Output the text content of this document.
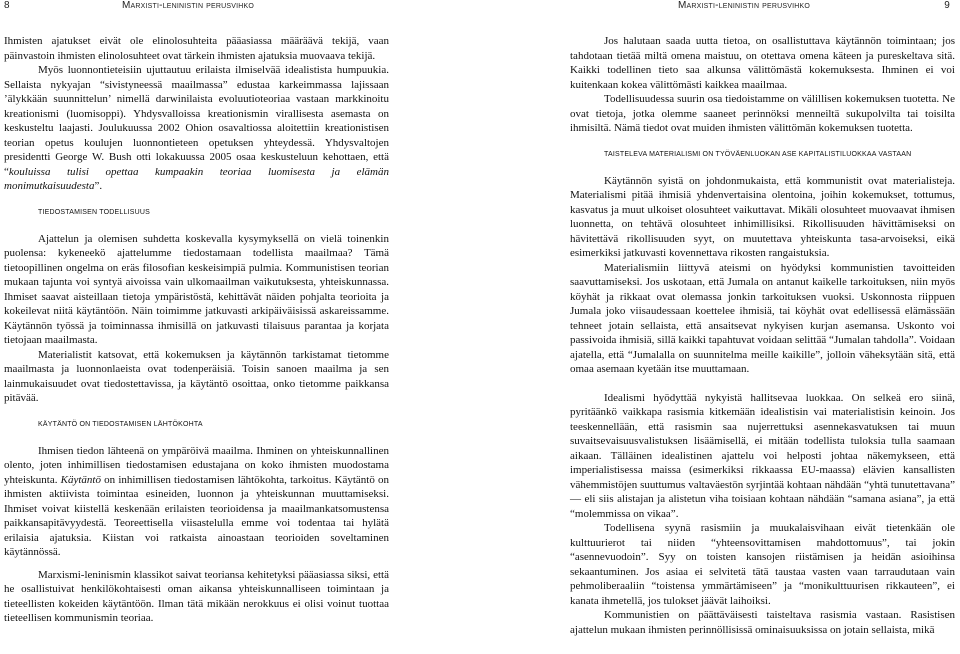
8	Marxisti-leninistin perusvihko	Marxisti-leninistin perusvihko	9

Ihmisten ajatukset eivät ole elinolosuhteita pääasiassa määräävä tekijä, vaan päinvastoin ihmisten elinolosuhteet ovat tärkein ihmisten ajatuksia muovaava tekijä.

Myös luonnontieteisiin ujuttautuu erilaista ilmiselvää idealistista humpuukia. Sellaista nykyajan “sivistyneessä maailmassa” edustaa karkeimmassa lajissaan ’älykkään suunnittelun’ nimellä darwinilaista evoluutioteoriaa vastaan markkinoitu kreationismi (luomisoppi). Yhdysvalloissa kreationismin virallisesta asemasta on keskusteltu laajasti. Joulukuussa 2002 Ohion osavaltiossa aloitettiin kreationistisen teorian opetus koulujen luonnontieteen opetuksen yhteydessä. Yhdysvaltojen presidentti George W. Bush otti lokakuussa 2005 osaa keskusteluun kehottaen, että “kouluissa tulisi opettaa kumpaakin teoriaa luomisesta ja elämän monimutkaisuudesta”.

TIEDOSTAMISEN TODELLISUUS

Ajattelun ja olemisen suhdetta koskevalla kysymyksellä on vielä toinenkin puolensa: kykeneekö ajattelumme tiedostamaan todellista maailmaa? Tämä tietoopillinen ongelma on eräs filosofian keskeisimpiä pulmia. Kommunistisen teorian mukaan tajunta voi syntyä aivoissa vain ulkomaailman vaikutuksesta, yhteiskunnassa. Ihmiset saavat aisteillaan tietoja ympäristöstä, kehittävät näiden pohjalta teorioita ja kokeilevat niitä käytäntöön. Näin toimimme jatkuvasti arkipäiväisissä askareissamme. Käytännön työssä ja toiminnassa ihmisillä on jatkuvasti tilaisuus parantaa ja korjata tietojaan maailmasta.

Materialistit katsovat, että kokemuksen ja käytännön tarkistamat tietomme maailmasta ja luonnonlaeista ovat todenperäisiä. Toisin sanoen maailma ja sen lainmukaisuudet ovat tiedostettavissa, ja käytäntö osoittaa, onko tietomme paikkansa pitävää.

KÄYTÄNTÖ ON TIEDOSTAMISEN LÄHTÖKOHTA

Ihmisen tiedon lähteenä on ympäröivä maailma. Ihminen on yhteiskunnallinen olento, joten inhimillisen tiedostamisen edustajana on koko ihmisten muodostama yhteiskunta. Käytäntö on inhimillisen tiedostamisen lähtökohta, tarkoitus. Käytäntö on ihmisten aktiivista toimintaa esineiden, luonnon ja yhteiskunnan muuttamiseksi. Ihmiset voivat kiistellä keskenään erilaisten teorioidensa ja maailmankatsomustensa paikkansapitävyydestä. Teoreettisella viisastelulla emme voi todentaa tai hylätä erilaisia ajatuksia. Kiistan voi ratkaista ainoastaan teorioiden soveltaminen käytännössä.

Marxismi-leninismin klassikot saivat teoriansa kehitetyksi pääasiassa siksi, että he osallistuivat henkilökohtaisesti oman aikansa yhteiskunnalliseen toimintaan ja tieteellisten kokeiden käytäntöön. Ilman tätä mikään nerokkuus ei olisi voinut tuottaa tieteellisen kommunismin teoriaa.

Jos halutaan saada uutta tietoa, on osallistuttava käytännön toimintaan; jos tahdotaan tietää miltä omena maistuu, on otettava omena käteen ja pureskeltava sitä. Kaikki todellinen tieto saa alkunsa välittömästä kokemuksesta. Ihminen ei voi kuitenkaan kokea välittömästi kaikkea maailmaa.

Todellisuudessa suurin osa tiedoistamme on välillisen kokemuksen tuotetta. Ne ovat tietoja, jotka olemme saaneet perinnöksi menneiltä sukupolvilta tai toisilta ihmisiltä. Nämä tiedot ovat muiden ihmisten välittömän kokemuksen tuotetta.

TAISTELEVA MATERIALISMI ON TYÖVÄENLUOKAN ASE KAPITALISTILUOKKAA VASTAAN

Käytännön syistä on johdonmukaista, että kommunistit ovat materialisteja. Materialismi pitää ihmisiä yhdenvertaisina olentoina, joihin kokemukset, tottumus, kasvatus ja muut ulkoiset olosuhteet vaikuttavat. Mikäli olosuhteet muovaavat ihmisen luonnetta, on tehtävä olosuhteet inhimillisiksi. Rikollisuuden hävittämiseksi on hävitettävä rikollisuuden syyt, on muutettava yhteiskunta tasa-arvoiseksi, eikä esimerkiksi jatkuvasti kovennettava rikosten rangaistuksia.

Materialismiin liittyvä ateismi on hyödyksi kommunistien tavoitteiden saavuttamiseksi. Jos uskotaan, että Jumala on antanut kaikelle tarkoituksen, niin myös köyhät ja rikkaat ovat olemassa jonkin tarkoituksen vuoksi. Uskonnosta riippuen Jumala joko viisaudessaan koettelee ihmisiä, tai köyhät ovat edellisessä elämässään tehneet jotain sellaista, että ansaitsevat nykyisen kurjan asemansa. Uskonto voi passivoida ihmisiä, sillä kaikki tapahtuvat voidaan selittää “Jumalan tahdolla”. Voidaan ajatella, että “Jumalalla on suunnitelma meille kaikille”, jolloin väheksytään sitä, että omaa asemaan kyetään itse muuttamaan.

Idealismi hyödyttää nykyistä hallitsevaa luokkaa. On selkeä ero siinä, pyritäänkö vaikkapa rasismia kitkemään idealistisin vai materialistisin keinoin. Jos teeskennellään, että rasismin saa nujerrettuksi asennekasvatuksen tai muun suvaitsevaisuusvalistuksen lisäämisellä, ei mitään todellista tuloksia tulla saamaan aikaan. Tälläinen idealistinen ajattelu voi helposti johtaa näkemykseen, että imperialistisessa maissa (esimerkiksi rikkaassa EU-maassa) elävien kansallisten vähemmistöjen suuttumus valtaväestön syrjintää kohtaan nähdään “yhtä tunutettavana” — eli siis alistajan ja alistetun viha toisiaan kohtaan nähdään “samana asiana”, ja että “molemmissa on vikaa”.

Todellisena syynä rasismiin ja muukalaisvihaan eivät tietenkään ole kulttuurierot tai niiden “yhteensovittamisen mahdottomuus”, tai jokin “asennevuodoin”. Syy on toisten kansojen riistämisen ja heidän asioihinsa sekaantuminen. Jos asiaa ei selvitetä tätä taustaa vasten vaan tarraudutaan vain pehmoliberaaliin “toistensa ymmärtämiseen” ja “monikulttuurisen rikkauteen”, ei kanata ihmetellä, jos tulokset jäävät laihoiksi.

Kommunistien on päättäväisesti taisteltava rasismia vastaan. Rasistisen ajattelun mukaan ihmisten perinnöllisissä ominaisuuksissa on jotain sellaista, mikä
